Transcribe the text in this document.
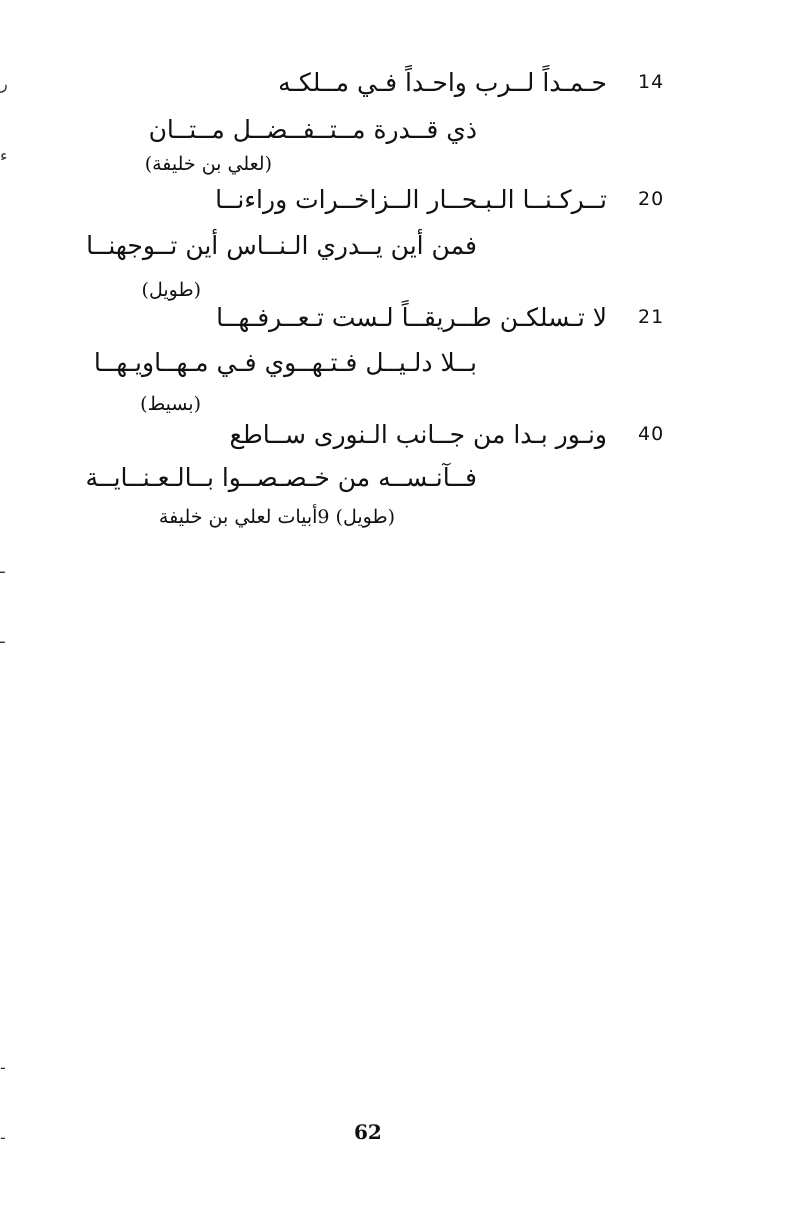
14
حـمـداً لــرب واحـداً فـي مــلكـه
ذي قــدرة مــتــفــضــل مــتــان
(لعلي بن خليفة)
20
تــركـنــا الـبـحــار الــزاخــرات وراءنــا
فمن أين يــدري الـنــاس أين تــوجهنــا
(طويل)
21
لا تـسلكـن طــريقــاً لـست تـعــرفـهــا
بــلا دلـيــل فـتـهــوي فـي مـهــاويـهــا
(بسيط)
40
ونـور بـدا من جــانب الـنورى ســاطع
فــآنـســه من خـصـصــوا بــالـعـنــايــة
(طويل) 9أبيات لعلي بن خليفة
ر
ء
ـ
ـ
-
-	62
